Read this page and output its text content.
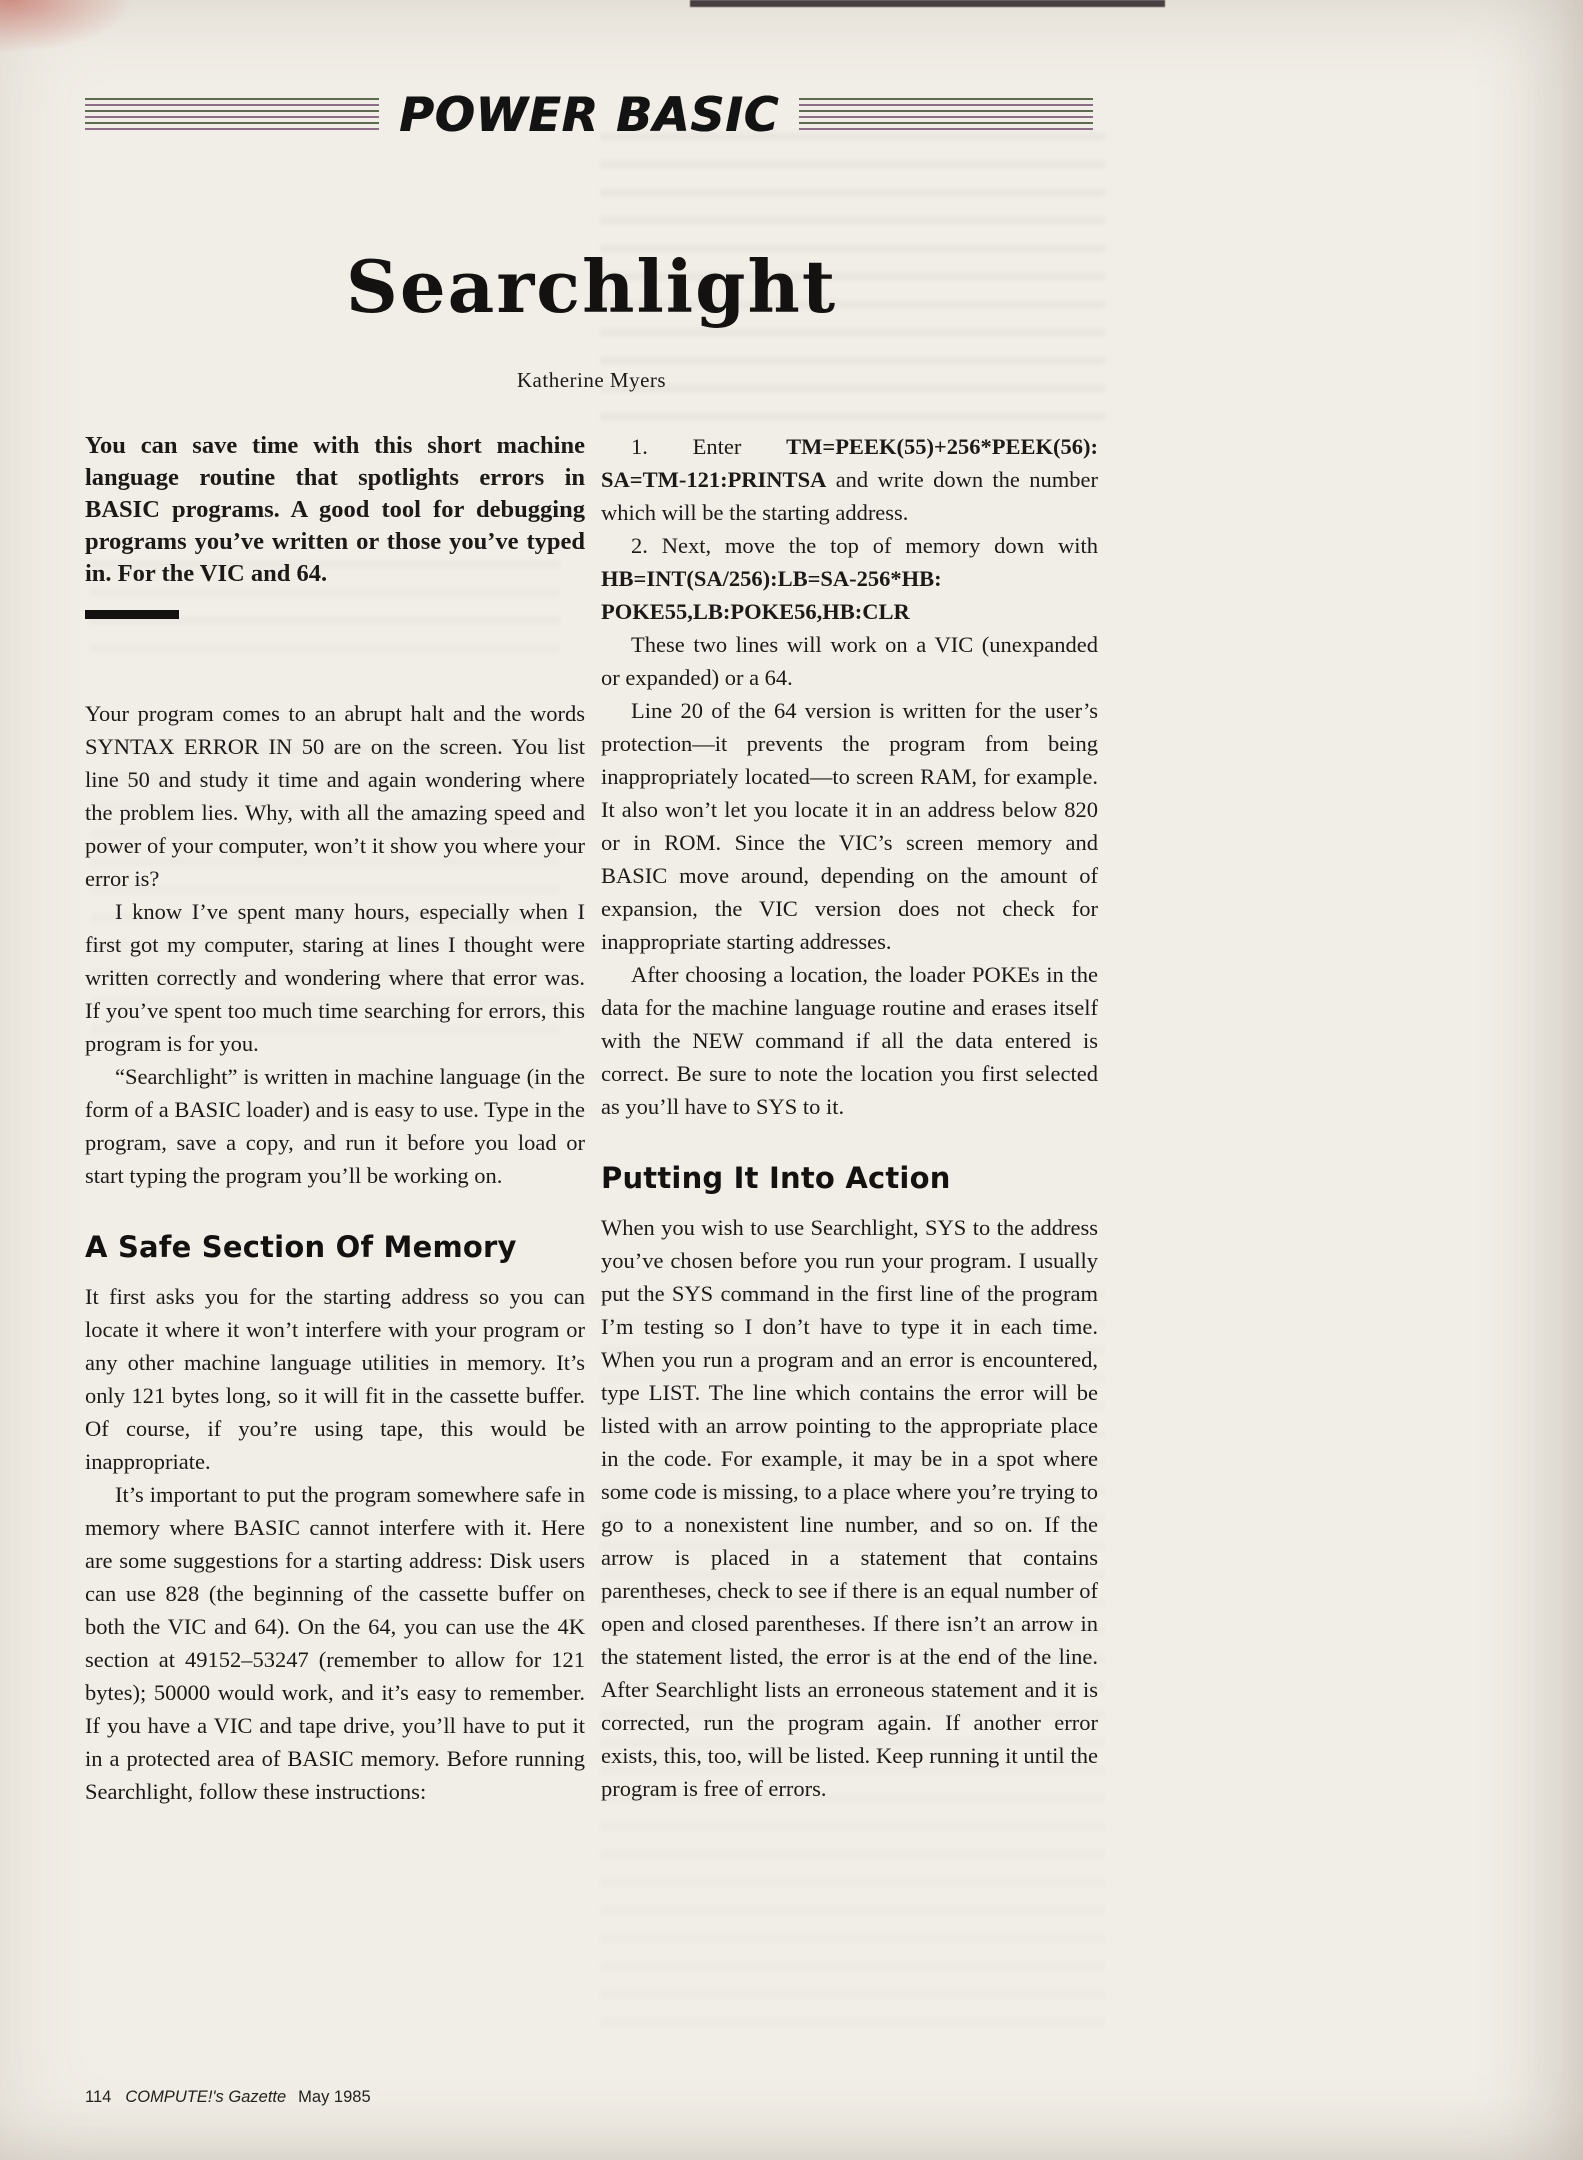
POWER BASIC
Searchlight
Katherine Myers

You can save time with this short machine language routine that spotlights errors in BASIC programs. A good tool for debugging programs you’ve written or those you’ve typed in. For the VIC and 64.

Your program comes to an abrupt halt and the words SYNTAX ERROR IN 50 are on the screen. You list line 50 and study it time and again wondering where the problem lies. Why, with all the amazing speed and power of your computer, won’t it show you where your error is?

I know I’ve spent many hours, especially when I first got my computer, staring at lines I thought were written correctly and wondering where that error was. If you’ve spent too much time searching for errors, this program is for you.

“Searchlight” is written in machine language (in the form of a BASIC loader) and is easy to use. Type in the program, save a copy, and run it before you load or start typing the program you’ll be working on.

A Safe Section Of Memory

It first asks you for the starting address so you can locate it where it won’t interfere with your program or any other machine language utilities in memory. It’s only 121 bytes long, so it will fit in the cassette buffer. Of course, if you’re using tape, this would be inappropriate.

It’s important to put the program somewhere safe in memory where BASIC cannot interfere with it. Here are some suggestions for a starting address: Disk users can use 828 (the beginning of the cassette buffer on both the VIC and 64). On the 64, you can use the 4K section at 49152–53247 (remember to allow for 121 bytes); 50000 would work, and it’s easy to remember. If you have a VIC and tape drive, you’ll have to put it in a protected area of BASIC memory. Before running Searchlight, follow these instructions:

1. Enter TM=PEEK(55)+256*PEEK(56): SA=TM-121:PRINTSA and write down the number which will be the starting address.

2. Next, move the top of memory down with HB=INT(SA/256):LB=SA-256*HB: POKE55,LB:POKE56,HB:CLR

These two lines will work on a VIC (unexpanded or expanded) or a 64.

Line 20 of the 64 version is written for the user’s protection—it prevents the program from being inappropriately located—to screen RAM, for example. It also won’t let you locate it in an address below 820 or in ROM. Since the VIC’s screen memory and BASIC move around, depending on the amount of expansion, the VIC version does not check for inappropriate starting addresses.

After choosing a location, the loader POKEs in the data for the machine language routine and erases itself with the NEW command if all the data entered is correct. Be sure to note the location you first selected as you’ll have to SYS to it.

Putting It Into Action

When you wish to use Searchlight, SYS to the address you’ve chosen before you run your program. I usually put the SYS command in the first line of the program I’m testing so I don’t have to type it in each time. When you run a program and an error is encountered, type LIST. The line which contains the error will be listed with an arrow pointing to the appropriate place in the code. For example, it may be in a spot where some code is missing, to a place where you’re trying to go to a nonexistent line number, and so on. If the arrow is placed in a statement that contains parentheses, check to see if there is an equal number of open and closed parentheses. If there isn’t an arrow in the statement listed, the error is at the end of the line. After Searchlight lists an erroneous statement and it is corrected, run the program again. If another error exists, this, too, will be listed. Keep running it until the program is free of errors.

114 COMPUTE!'s Gazette May 1985
